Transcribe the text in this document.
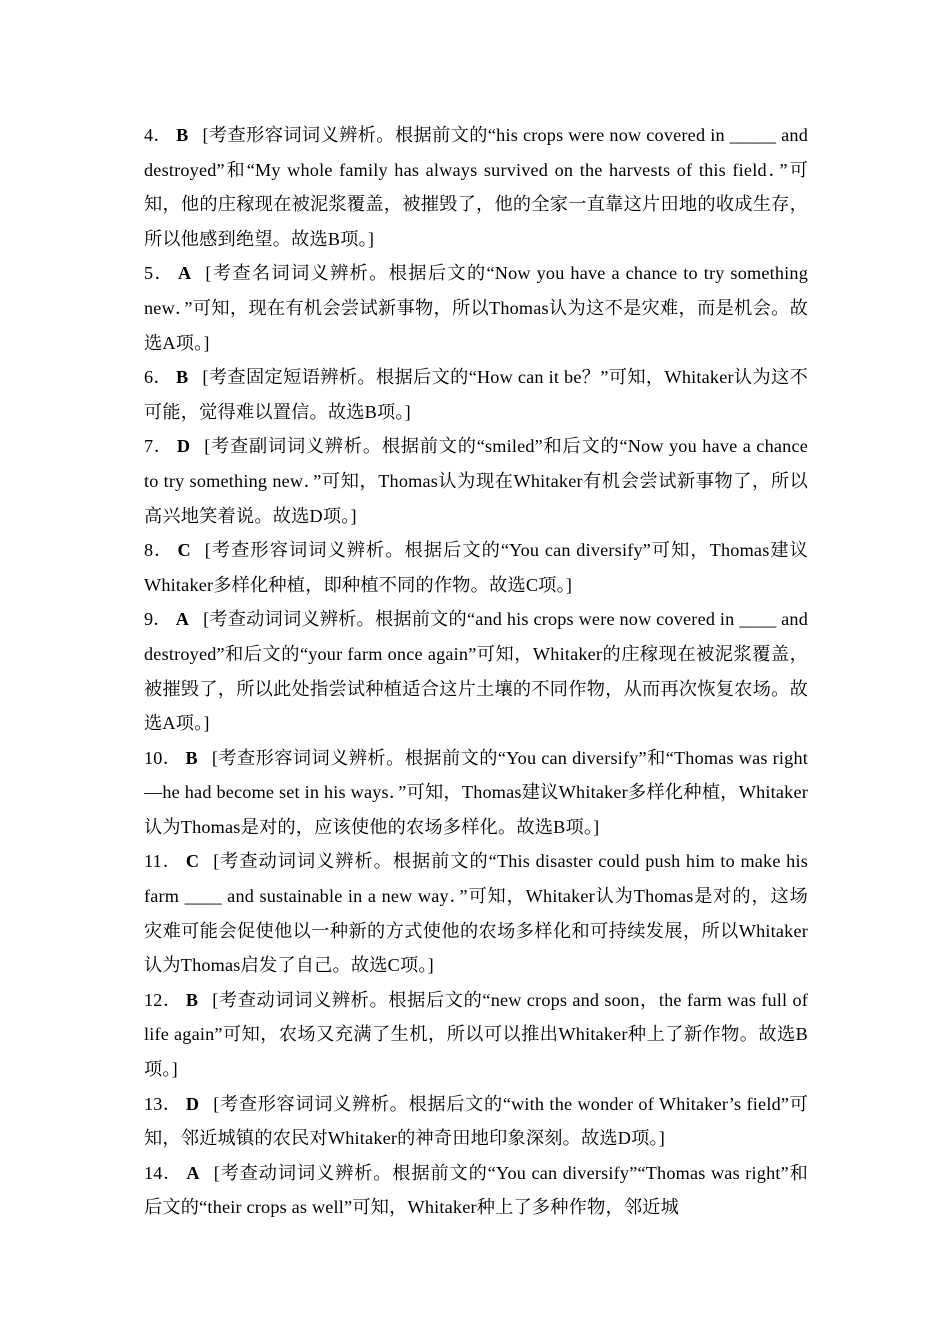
4． B [考查形容词词义辨析。根据前文的“his crops were now covered in _____ and destroyed”和“My whole family has always survived on the harvests of this field．”可知，他的庄稼现在被泥浆覆盖，被摧毁了，他的全家一直靠这片田地的收成生存，所以他感到绝望。故选B项。]

5． A [考查名词词义辨析。根据后文的“Now you have a chance to try something new．”可知，现在有机会尝试新事物，所以Thomas认为这不是灾难，而是机会。故选A项。]

6． B [考查固定短语辨析。根据后文的“How can it be？”可知，Whitaker认为这不可能，觉得难以置信。故选B项。]

7． D [考查副词词义辨析。根据前文的“smiled”和后文的“Now you have a chance to try something new．”可知，Thomas认为现在Whitaker有机会尝试新事物了，所以高兴地笑着说。故选D项。]

8． C [考查形容词词义辨析。根据后文的“You can diversify”可知，Thomas建议Whitaker多样化种植，即种植不同的作物。故选C项。]

9． A [考查动词词义辨析。根据前文的“and his crops were now covered in ____ and destroyed”和后文的“your farm once again”可知，Whitaker的庄稼现在被泥浆覆盖，被摧毁了，所以此处指尝试种植适合这片土壤的不同作物，从而再次恢复农场。故选A项。]

10． B [考查形容词词义辨析。根据前文的“You can diversify”和“Thomas was right—he had become set in his ways．”可知，Thomas建议Whitaker多样化种植，Whitaker认为Thomas是对的，应该使他的农场多样化。故选B项。]

11． C [考查动词词义辨析。根据前文的“This disaster could push him to make his farm ____ and sustainable in a new way．”可知，Whitaker认为Thomas是对的，这场灾难可能会促使他以一种新的方式使他的农场多样化和可持续发展，所以Whitaker认为Thomas启发了自己。故选C项。]

12． B [考查动词词义辨析。根据后文的“new crops and soon，the farm was full of life again”可知，农场又充满了生机，所以可以推出Whitaker种上了新作物。故选B项。]

13． D [考查形容词词义辨析。根据后文的“with the wonder of Whitaker’s field”可知，邻近城镇的农民对Whitaker的神奇田地印象深刻。故选D项。]

14． A [考查动词词义辨析。根据前文的“You can diversify”“Thomas was right”和后文的“their crops as well”可知，Whitaker种上了多种作物，邻近城
